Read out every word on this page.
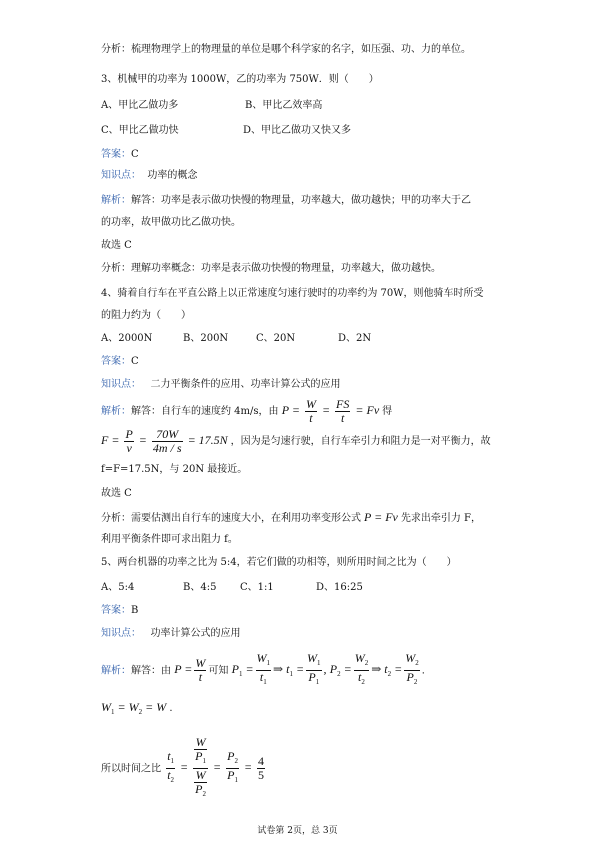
分析：梳理物理学上的物理量的单位是哪个科学家的名字，如压强、功、力的单位。
3、机械甲的功率为 1000W，乙的功率为 750W．则（　　）
A、甲比乙做功多	B、甲比乙效率高
C、甲比乙做功快	D、甲比乙做功又快又多
答案：C
知识点： 功率的概念
解析：解答：功率是表示做功快慢的物理量，功率越大，做功越快；甲的功率大于乙
的功率，故甲做功比乙做功快。
故选 C
分析：理解功率概念：功率是表示做功快慢的物理量，功率越大，做功越快。
4、骑着自行车在平直公路上以正常速度匀速行驶时的功率约为 70W，则他骑车时所受
的阻力约为（　　）
A、2000N	B、200N	C、20N	D、2N
答案：C
知识点： 二力平衡条件的应用、功率计算公式的应用
解析：解答：自行车的速度约 4m/s，由 $P = \frac{W}{t} = \frac{FS}{t} = Fv$ 得
$F = \frac{P}{v} = \frac{70W}{4m / s} = 17.5N$ ，因为是匀速行驶，自行车牵引力和阻力是一对平衡力，故
f=F=17.5N，与 20N 最接近。
故选 C
分析：需要估测出自行车的速度大小，在利用功率变形公式 P = Fv 先求出牵引力 F，
利用平衡条件即可求出阻力 f。
5、两台机器的功率之比为 5:4，若它们做的功相等，则所用时间之比为（　　）
A、5:4	B、4:5 C、1:1	D、16:25
答案：B
知识点： 功率计算公式的应用
解析：解答：由 $P = \frac{W}{t}$ 可知 $P_1 = \frac{W_1}{t_1}$ ⇒ $t_1 = \frac{W_1}{P_1}$ , $P_2 = \frac{W_2}{t_2}$ ⇒ $t_2 = \frac{W_2}{P_2}$ ．
$W_1 = W_2 = W$ .
所以时间之比 $\frac{t_1}{t_2} = \frac{\frac{W}{P_1}}{\frac{W}{P_2}} = \frac{P_2}{P_1} = \frac{4}{5}$
试卷第 2页，总 3页
